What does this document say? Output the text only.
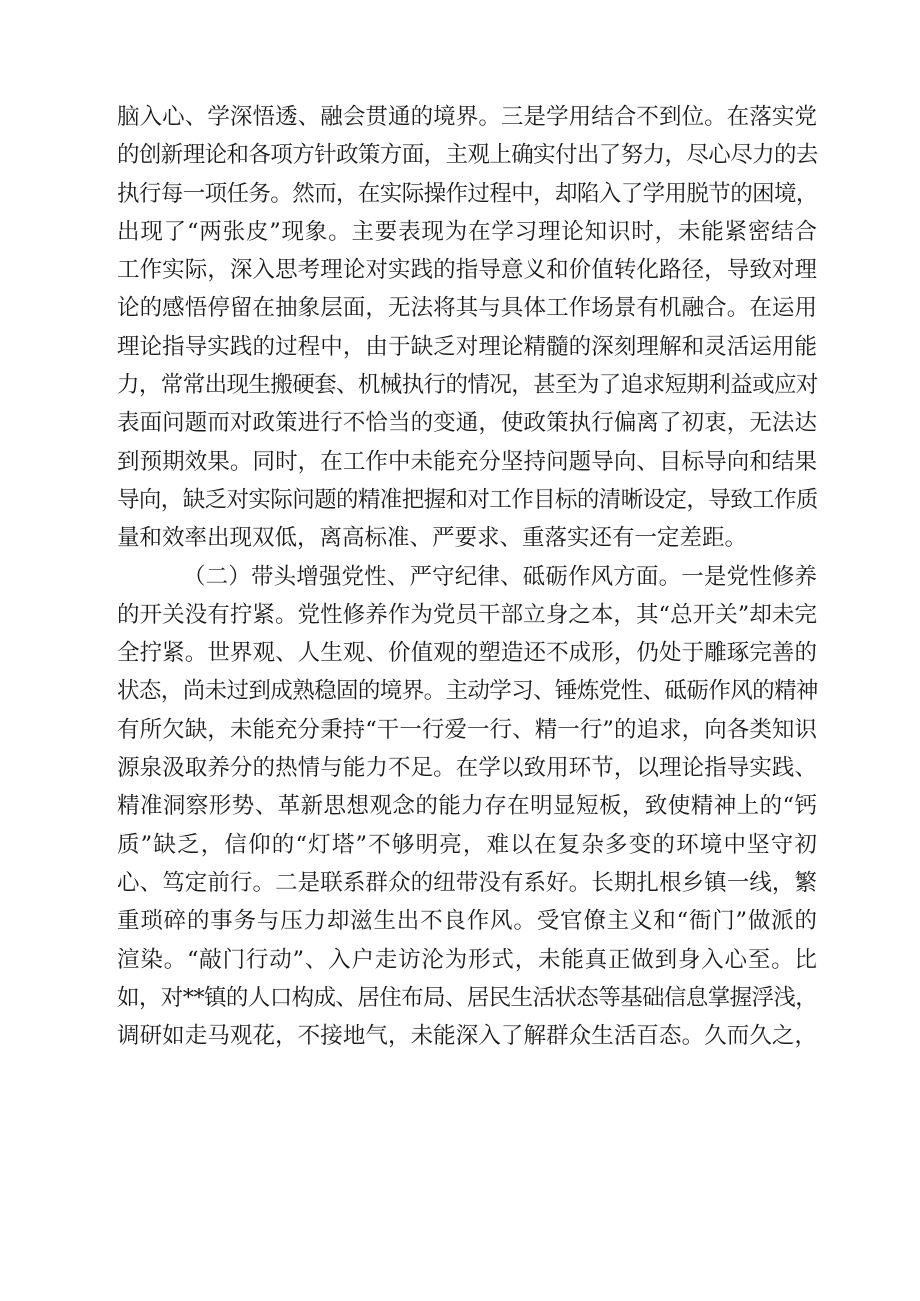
脑入心、学深悟透、融会贯通的境界。三是学用结合不到位。在落实党
的创新理论和各项方针政策方面，主观上确实付出了努力，尽心尽力的去
执行每一项任务。然而，在实际操作过程中，却陷入了学用脱节的困境，
出现了“两张皮”现象。主要表现为在学习理论知识时，未能紧密结合
工作实际，深入思考理论对实践的指导意义和价值转化路径，导致对理
论的感悟停留在抽象层面，无法将其与具体工作场景有机融合。在运用
理论指导实践的过程中，由于缺乏对理论精髓的深刻理解和灵活运用能
力，常常出现生搬硬套、机械执行的情况，甚至为了追求短期利益或应对
表面问题而对政策进行不恰当的变通，使政策执行偏离了初衷，无法达
到预期效果。同时，在工作中未能充分坚持问题导向、目标导向和结果
导向，缺乏对实际问题的精准把握和对工作目标的清晰设定，导致工作质
量和效率出现双低，离高标准、严要求、重落实还有一定差距。
（二）带头增强党性、严守纪律、砥砺作风方面。一是党性修养
的开关没有拧紧。党性修养作为党员干部立身之本，其“总开关”却未完
全拧紧。世界观、人生观、价值观的塑造还不成形，仍处于雕琢完善的
状态，尚未过到成熟稳固的境界。主动学习、锤炼党性、砥砺作风的精神
有所欠缺，未能充分秉持“干一行爱一行、精一行”的追求，向各类知识
源泉汲取养分的热情与能力不足。在学以致用环节，以理论指导实践、
精准洞察形势、革新思想观念的能力存在明显短板，致使精神上的“钙
质”缺乏，信仰的“灯塔”不够明亮，难以在复杂多变的环境中坚守初
心、笃定前行。二是联系群众的纽带没有系好。长期扎根乡镇一线，繁
重琐碎的事务与压力却滋生出不良作风。受官僚主义和“衙门”做派的
渲染。“敲门行动”、入户走访沦为形式，未能真正做到身入心至。比
如，对**镇的人口构成、居住布局、居民生活状态等基础信息掌握浮浅，
调研如走马观花，不接地气，未能深入了解群众生活百态。久而久之，
